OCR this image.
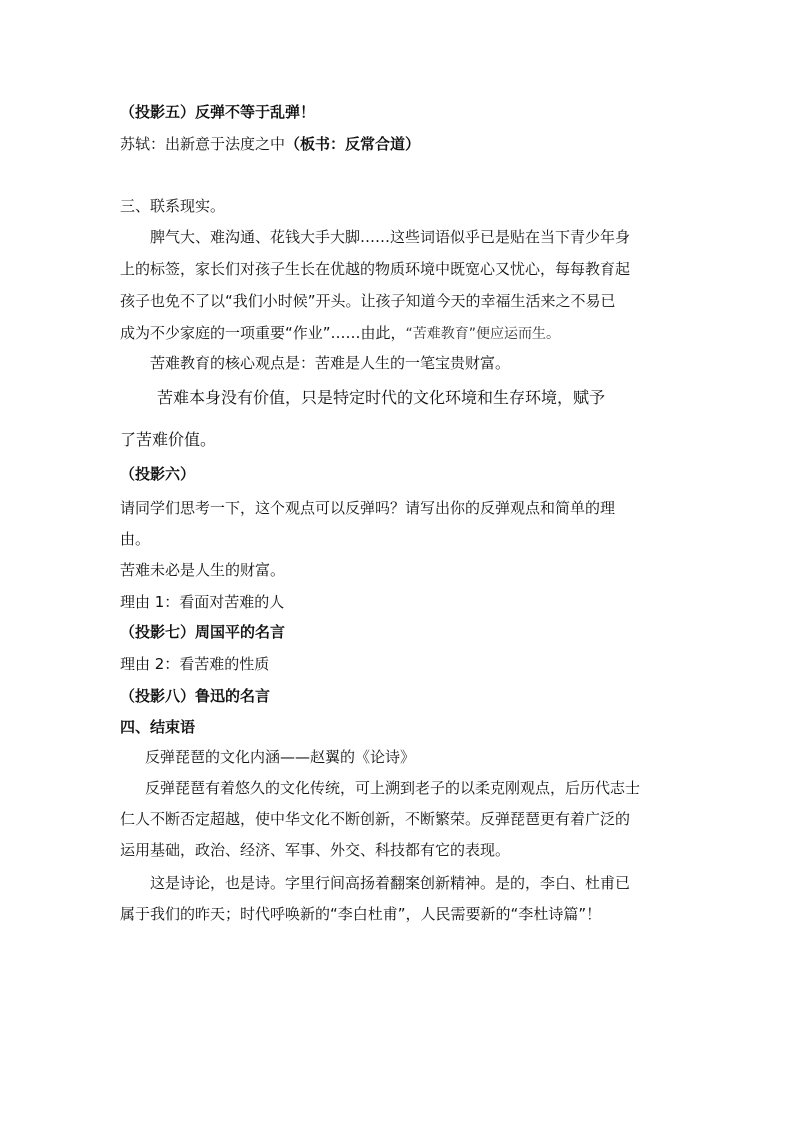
（投影五）反弹不等于乱弹！
苏轼：出新意于法度之中（板书：反常合道）
三、联系现实。
脾气大、难沟通、花钱大手大脚……这些词语似乎已是贴在当下青少年身
上的标签，家长们对孩子生长在优越的物质环境中既宽心又忧心，每每教育起
孩子也免不了以“我们小时候”开头。让孩子知道今天的幸福生活来之不易已
成为不少家庭的一项重要“作业”……由此，“苦难教育”便应运而生。
苦难教育的核心观点是：苦难是人生的一笔宝贵财富。
苦难本身没有价值，只是特定时代的文化环境和生存环境，赋予
了苦难价值。
（投影六）
请同学们思考一下，这个观点可以反弹吗？请写出你的反弹观点和简单的理
由。
苦难未必是人生的财富。
理由 1：看面对苦难的人
（投影七）周国平的名言
理由 2：看苦难的性质
（投影八）鲁迅的名言
四、结束语
反弹琵琶的文化内涵——赵翼的《论诗》
反弹琵琶有着悠久的文化传统，可上溯到老子的以柔克刚观点，后历代志士
仁人不断否定超越，使中华文化不断创新，不断繁荣。反弹琵琶更有着广泛的
运用基础，政治、经济、军事、外交、科技都有它的表现。
这是诗论，也是诗。字里行间高扬着翻案创新精神。是的，李白、杜甫已
属于我们的昨天；时代呼唤新的“李白杜甫”，人民需要新的“李杜诗篇”！
